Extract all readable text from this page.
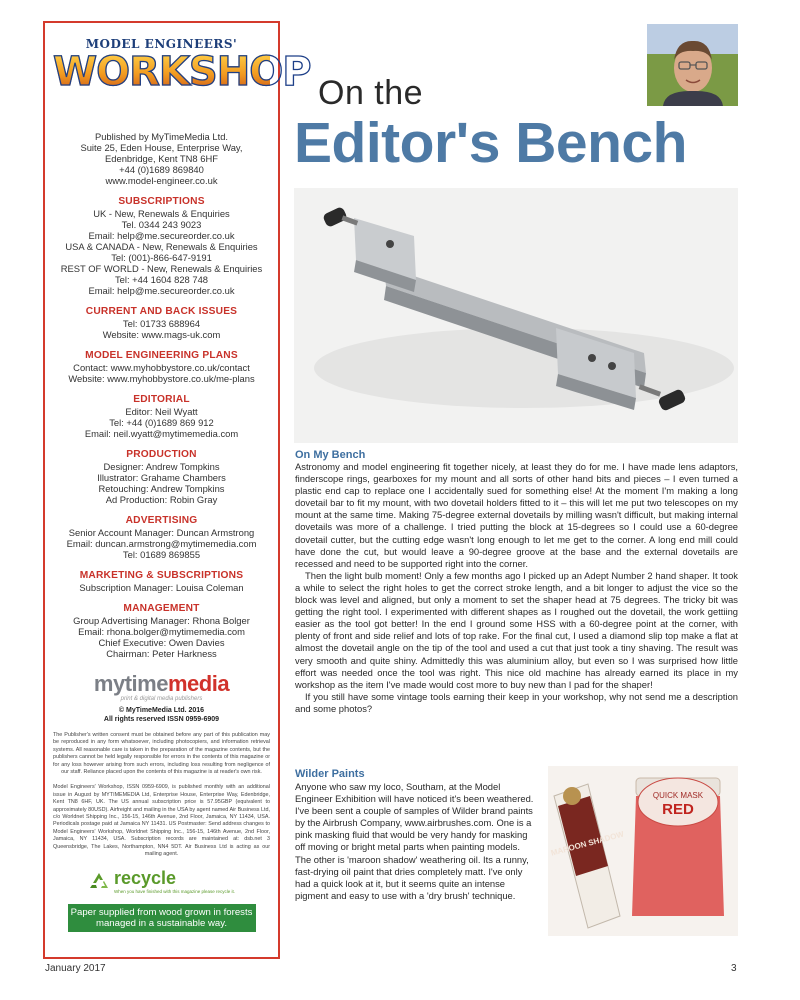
MODEL ENGINEERS'
WORKSHOP
Published by MyTimeMedia Ltd.
Suite 25, Eden House, Enterprise Way,
Edenbridge, Kent TN8 6HF
+44 (0)1689 869840
www.model-engineer.co.uk
SUBSCRIPTIONS
UK - New, Renewals & Enquiries
Tel. 0344 243 9023
Email: help@me.secureorder.co.uk
USA & CANADA - New, Renewals & Enquiries
Tel: (001)-866-647-9191
REST OF WORLD - New, Renewals & Enquiries
Tel: +44 1604 828 748
Email: help@me.secureorder.co.uk
CURRENT AND BACK ISSUES
Tel: 01733 688964
Website: www.mags-uk.com
MODEL ENGINEERING PLANS
Contact: www.myhobbystore.co.uk/contact
Website: www.myhobbystore.co.uk/me-plans
EDITORIAL
Editor: Neil Wyatt
Tel: +44 (0)1689 869 912
Email: neil.wyatt@mytimemedia.com
PRODUCTION
Designer: Andrew Tompkins
Illustrator: Grahame Chambers
Retouching: Andrew Tompkins
Ad Production: Robin Gray
ADVERTISING
Senior Account Manager: Duncan Armstrong
Email: duncan.armstrong@mytimemedia.com
Tel: 01689 869855
MARKETING & SUBSCRIPTIONS
Subscription Manager: Louisa Coleman
MANAGEMENT
Group Advertising Manager: Rhona Bolger
Email: rhona.bolger@mytimemedia.com
Chief Executive: Owen Davies
Chairman: Peter Harkness
mytimemedia
print & digital media publishers
© MyTimeMedia Ltd. 2016
All rights reserved ISSN 0959-6909
The Publisher's written consent must be obtained before any part of this publication may be reproduced in any form whatsoever, including photocopiers, and information retrieval systems. All reasonable care is taken in the preparation of the magazine contents, but the publishers cannot be held legally responsible for errors in the contents of this magazine or for any loss however arising from such errors, including loss resulting from negligence of our staff. Reliance placed upon the contents of this magazine is at reader's own risk.
Model Engineers' Workshop, ISSN 0959-6909, is published monthly with an additional issue in August by MYTIMEMEDIA Ltd, Enterprise House, Enterprise Way, Edenbridge, Kent TN8 6HF, UK. The US annual subscription price is 57.95GBP (equivalent to approximately 80USD). Airfreight and mailing in the USA by agent named Air Business Ltd, c/o Worldnet Shipping Inc., 156-15, 146th Avenue, 2nd Floor, Jamaica, NY 11434, USA. Periodicals postage paid at Jamaica NY 11431. US Postmaster: Send address changes to Model Engineers' Workshop, Worldnet Shipping Inc., 156-15, 146th Avenue, 2nd Floor, Jamaica, NY 11434, USA. Subscription records are maintained at: dsb.net 3 Queensbridge, The Lakes, Northampton, NN4 5DT. Air Business Ltd is acting as our mailing agent.
recycle
When you have finished with this magazine please recycle it.
Paper supplied from wood grown in forests managed in a sustainable way.
On the
Editor's Bench
On My Bench

Astronomy and model engineering fit together nicely, at least they do for me. I have made lens adaptors, finderscope rings, gearboxes for my mount and all sorts of other hand bits and pieces – I even turned a plastic end cap to replace one I accidentally sued for something else! At the moment I'm making a long dovetail bar to fit my mount, with two dovetail holders fitted to it – this will let me put two telescopes on my mount at the same time. Making 75-degree external dovetails by milling wasn't difficult, but making internal dovetails was more of a challenge. I tried putting the block at 15-degrees so I could use a 60-degree dovetail cutter, but the cutting edge wasn't long enough to let me get to the corner. A long end mill could have done the cut, but would leave a 90-degree groove at the base and the external dovetails are recessed and need to be supported right into the corner.

Then the light bulb moment! Only a few months ago I picked up an Adept Number 2 hand shaper. It took a while to select the right holes to get the correct stroke length, and a bit longer to adjust the vice so the block was level and aligned, but only a moment to set the shaper head at 75 degrees. The tricky bit was getting the right tool. I experimented with different shapes as I roughed out the dovetail, the work gettiing easier as the tool got better! In the end I ground some HSS with a 60-degree point at the corner, with plenty of front and side relief and lots of top rake. For the final cut, I used a diamond slip top make a flat at almost the dovetail angle on the tip of the tool and used a cut that just took a tiny shaving. The result was very smooth and quite shiny. Admittedly this was aluminium alloy, but even so I was surprised how little effort was needed once the tool was right. This nice old machine has already earned its place in my workshop as the item I've made would cost more to buy new than I pad for the shaper!

If you still have some vintage tools earning their keep in your workshop, why not send me a description and some photos?

Wilder Paints

Anyone who saw my loco, Southam, at the Model Engineer Exhibition will have noticed it's been weathered. I've been sent a couple of samples of Wilder brand paints by the Airbrush Company, www.airbrushes.com. One is a pink masking fluid that would be very handy for masking off moving or bright metal parts when painting models. The other is 'maroon shadow' weathering oil. Its a runny, fast-drying oil paint that dries completely matt. I've only had a quick look at it, but it seems quite an intense pigment and easy to use with a 'dry brush' technique.

QUICK MASK
RED
MAROON SHADOW
January 2017	3
